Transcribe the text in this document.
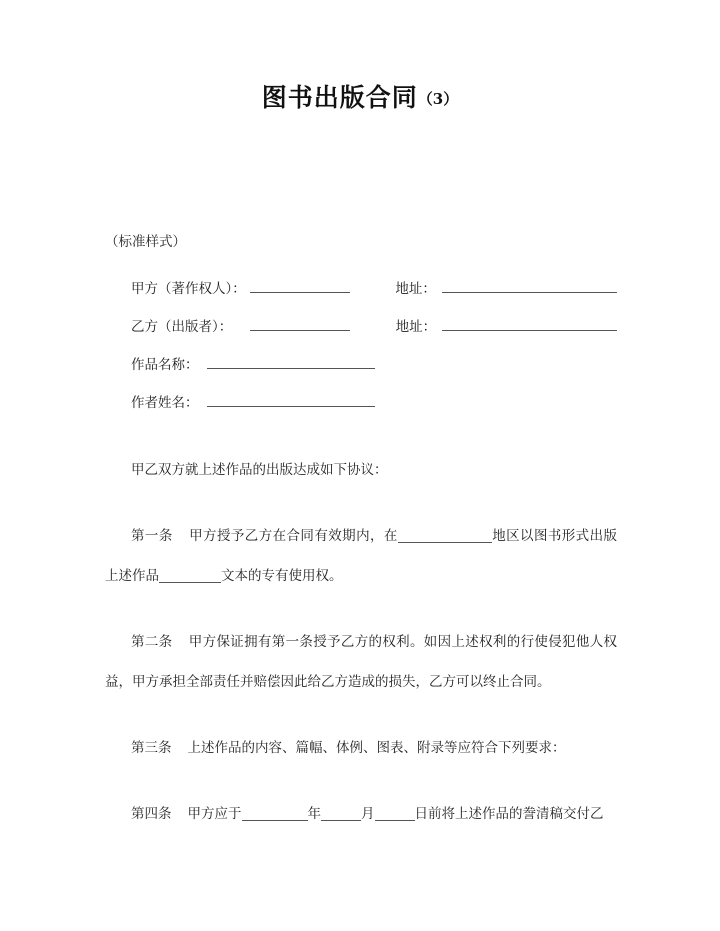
图书出版合同（3）
（标准样式）
甲方（著作权人）：	地址：
乙方（出版者）：	地址：
作品名称：
作者姓名：
甲乙双方就上述作品的出版达成如下协议：
第一条 甲方授予乙方在合同有效期内，在	地区以图书形式出版上述作品	文本的专有使用权。
第二条 甲方保证拥有第一条授予乙方的权利。如因上述权利的行使侵犯他人权益，甲方承担全部责任并赔偿因此给乙方造成的损失，乙方可以终止合同。
第三条 上述作品的内容、篇幅、体例、图表、附录等应符合下列要求：
第四条 甲方应于	年	月	日前将上述作品的誊清稿交付乙
